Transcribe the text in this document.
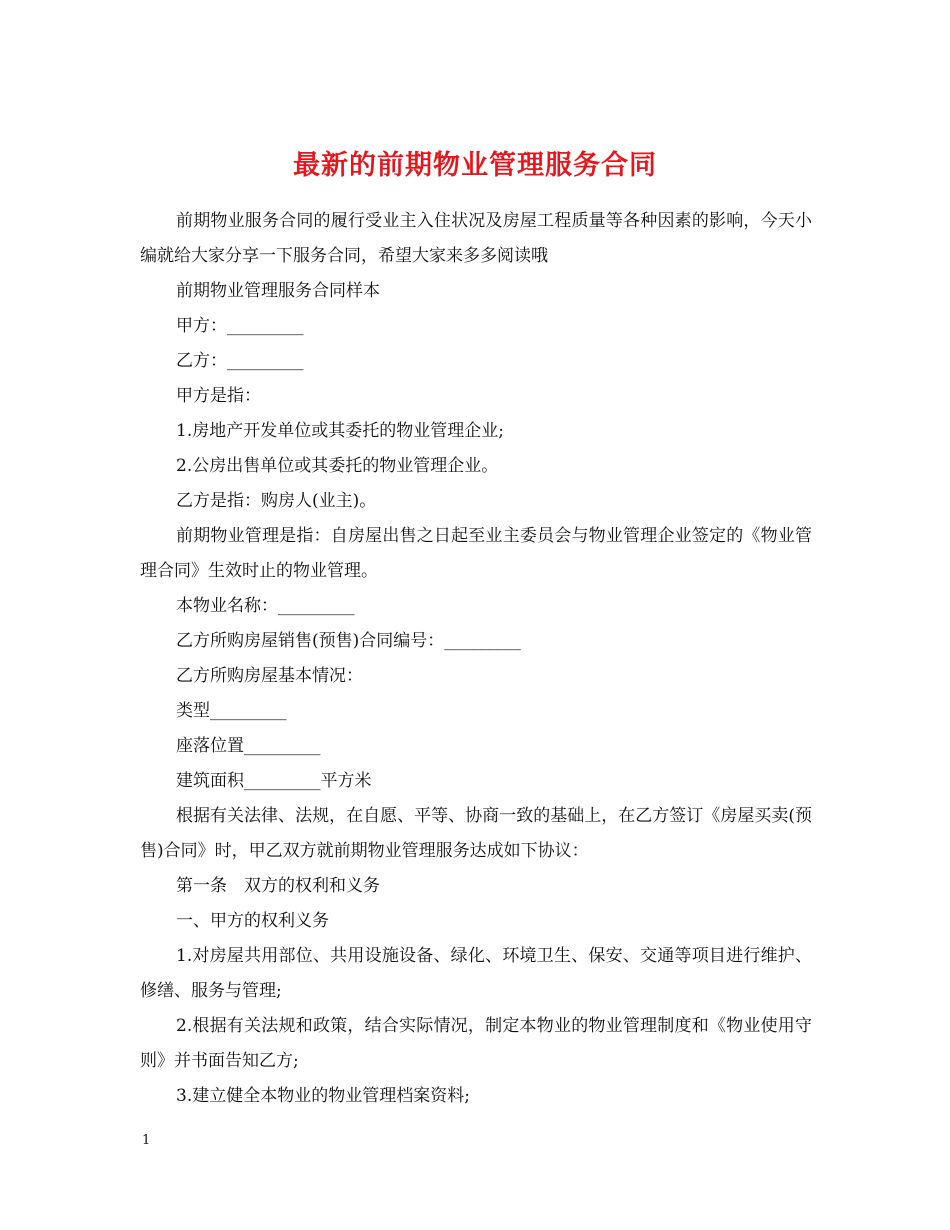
最新的前期物业管理服务合同

前期物业服务合同的履行受业主入住状况及房屋工程质量等各种因素的影响，今天小编就给大家分享一下服务合同，希望大家来多多阅读哦

前期物业管理服务合同样本

甲方：_________

乙方：_________

甲方是指：

1.房地产开发单位或其委托的物业管理企业;

2.公房出售单位或其委托的物业管理企业。

乙方是指：购房人(业主)。

前期物业管理是指：自房屋出售之日起至业主委员会与物业管理企业签定的《物业管理合同》生效时止的物业管理。

本物业名称：_________

乙方所购房屋销售(预售)合同编号：_________

乙方所购房屋基本情况：

类型_________

座落位置_________

建筑面积_________平方米

根据有关法律、法规，在自愿、平等、协商一致的基础上，在乙方签订《房屋买卖(预售)合同》时，甲乙双方就前期物业管理服务达成如下协议：

第一条　双方的权利和义务

一、甲方的权利义务

1.对房屋共用部位、共用设施设备、绿化、环境卫生、保安、交通等项目进行维护、修缮、服务与管理;

2.根据有关法规和政策，结合实际情况，制定本物业的物业管理制度和《物业使用守则》并书面告知乙方;

3.建立健全本物业的物业管理档案资料;

1
